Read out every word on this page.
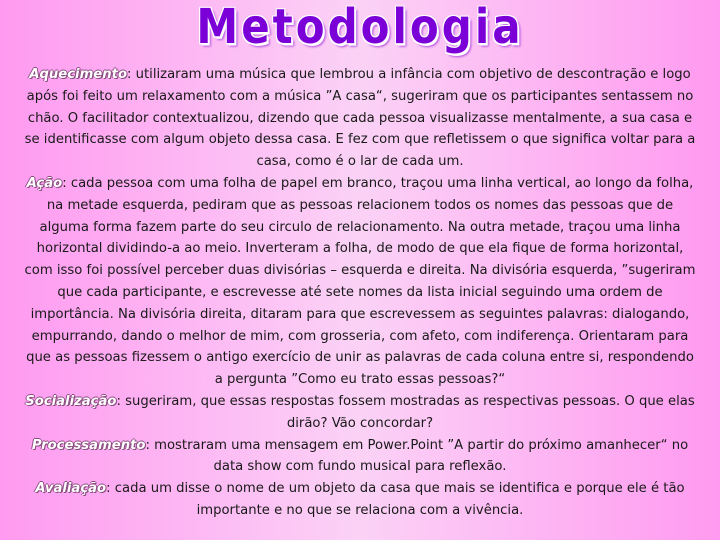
Metodologia

Aquecimento: utilizaram uma música que lembrou a infância com objetivo de descontração e logo após foi feito um relaxamento com a música ”A casa“, sugeriram que os participantes sentassem no chão. O facilitador contextualizou, dizendo que cada pessoa visualizasse mentalmente, a sua casa e se identificasse com algum objeto dessa casa. E fez com que refletissem o que significa voltar para a casa, como é o lar de cada um.

Ação: cada pessoa com uma folha de papel em branco, traçou uma linha vertical, ao longo da folha, na metade esquerda, pediram que as pessoas relacionem todos os nomes das pessoas que de alguma forma fazem parte do seu circulo de relacionamento. Na outra metade, traçou uma linha horizontal dividindo-a ao meio. Inverteram a folha, de modo de que ela fique de forma horizontal, com isso foi possível perceber duas divisórias – esquerda e direita. Na divisória esquerda, ”sugeriram que cada participante, e escrevesse até sete nomes da lista inicial seguindo uma ordem de importância. Na divisória direita, ditaram para que escrevessem as seguintes palavras: dialogando, empurrando, dando o melhor de mim, com grosseria, com afeto, com indiferença. Orientaram para que as pessoas fizessem o antigo exercício de unir as palavras de cada coluna entre si, respondendo a pergunta ”Como eu trato essas pessoas?“

Socialização: sugeriram, que essas respostas fossem mostradas as respectivas pessoas. O que elas dirão? Vão concordar?

Processamento: mostraram uma mensagem em Power.Point ”A partir do próximo amanhecer“ no data show com fundo musical para reflexão.

Avaliação: cada um disse o nome de um objeto da casa que mais se identifica e porque ele é tão importante e no que se relaciona com a vivência.
